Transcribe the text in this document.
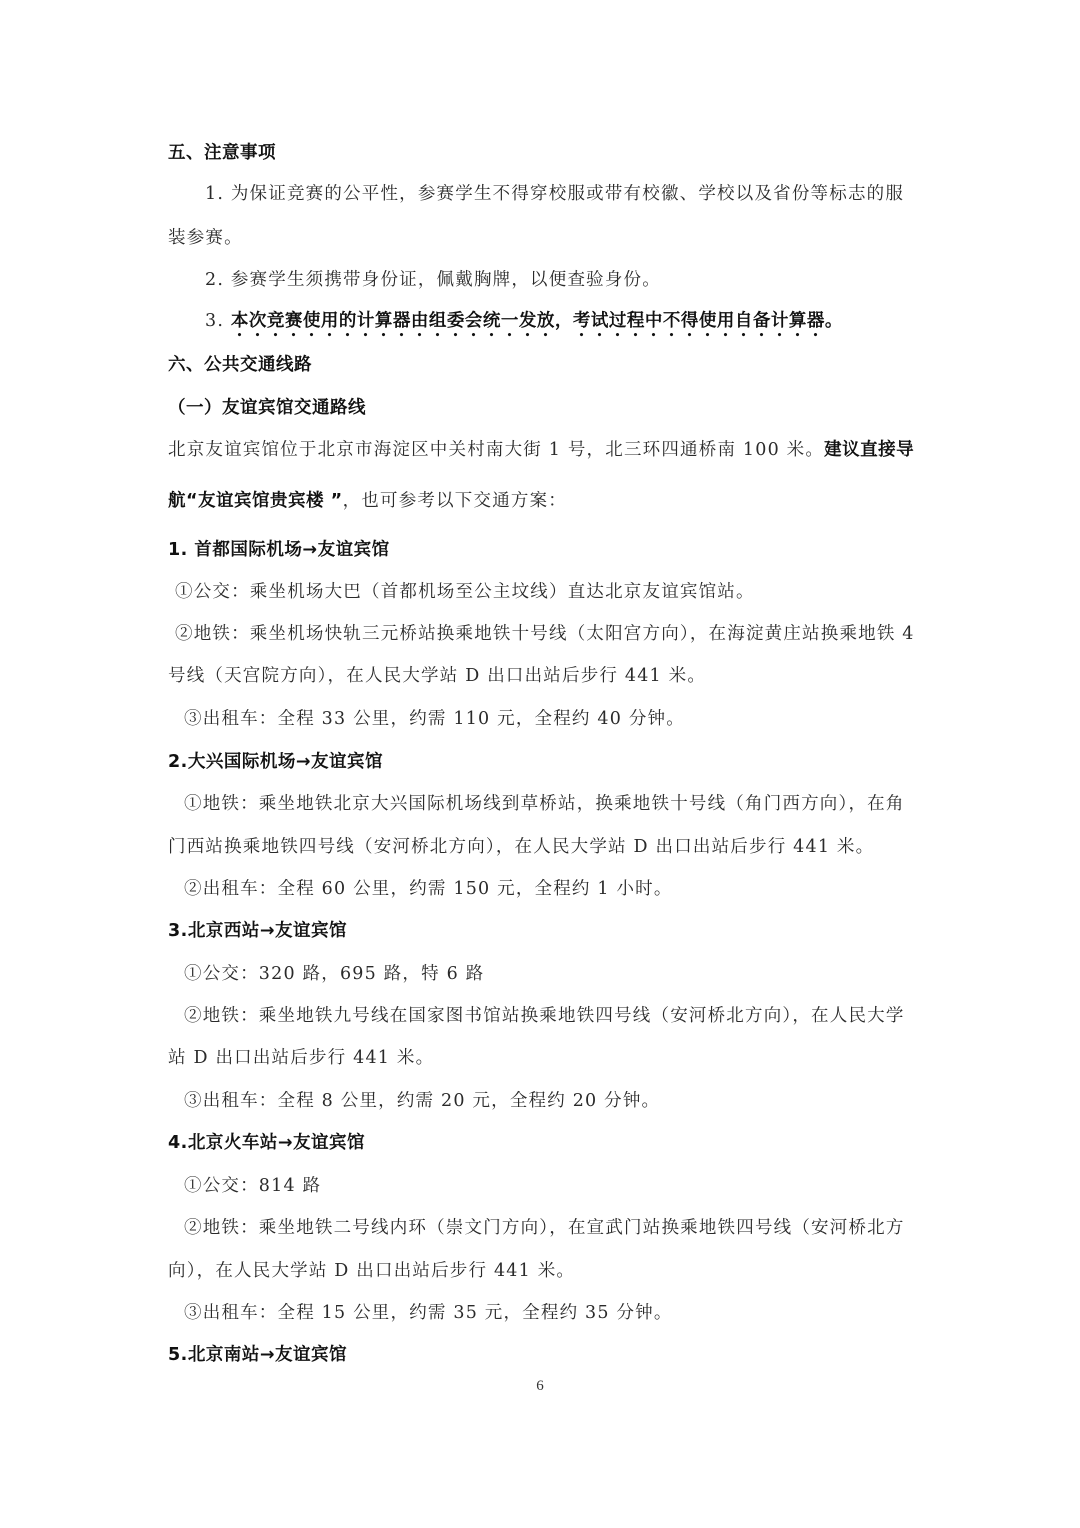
五、注意事项
1. 为保证竞赛的公平性，参赛学生不得穿校服或带有校徽、学校以及省份等标志的服
装参赛。
2. 参赛学生须携带身份证，佩戴胸牌，以便查验身份。
3. 本次竞赛使用的计算器由组委会统一发放，考试过程中不得使用自备计算器。
六、公共交通线路
（一）友谊宾馆交通路线
北京友谊宾馆位于北京市海淀区中关村南大街 1 号，北三环四通桥南 100 米。建议直接导
航“友谊宾馆贵宾楼 ”，也可参考以下交通方案：
1. 首都国际机场→友谊宾馆
①公交：乘坐机场大巴（首都机场至公主坟线）直达北京友谊宾馆站。
②地铁：乘坐机场快轨三元桥站换乘地铁十号线（太阳宫方向），在海淀黄庄站换乘地铁 4
号线（天宫院方向），在人民大学站 D 出口出站后步行 441 米。
③出租车：全程 33 公里，约需 110 元，全程约 40 分钟。
2.大兴国际机场→友谊宾馆
①地铁：乘坐地铁北京大兴国际机场线到草桥站，换乘地铁十号线（角门西方向），在角
门西站换乘地铁四号线（安河桥北方向），在人民大学站 D 出口出站后步行 441 米。
②出租车：全程 60 公里，约需 150 元，全程约 1 小时。
3.北京西站→友谊宾馆
①公交：320 路，695 路，特 6 路
②地铁：乘坐地铁九号线在国家图书馆站换乘地铁四号线（安河桥北方向），在人民大学
站 D 出口出站后步行 441 米。
③出租车：全程 8 公里，约需 20 元，全程约 20 分钟。
4.北京火车站→友谊宾馆
①公交：814 路
②地铁：乘坐地铁二号线内环（崇文门方向），在宣武门站换乘地铁四号线（安河桥北方
向），在人民大学站 D 出口出站后步行 441 米。
③出租车：全程 15 公里，约需 35 元，全程约 35 分钟。
5.北京南站→友谊宾馆
6
